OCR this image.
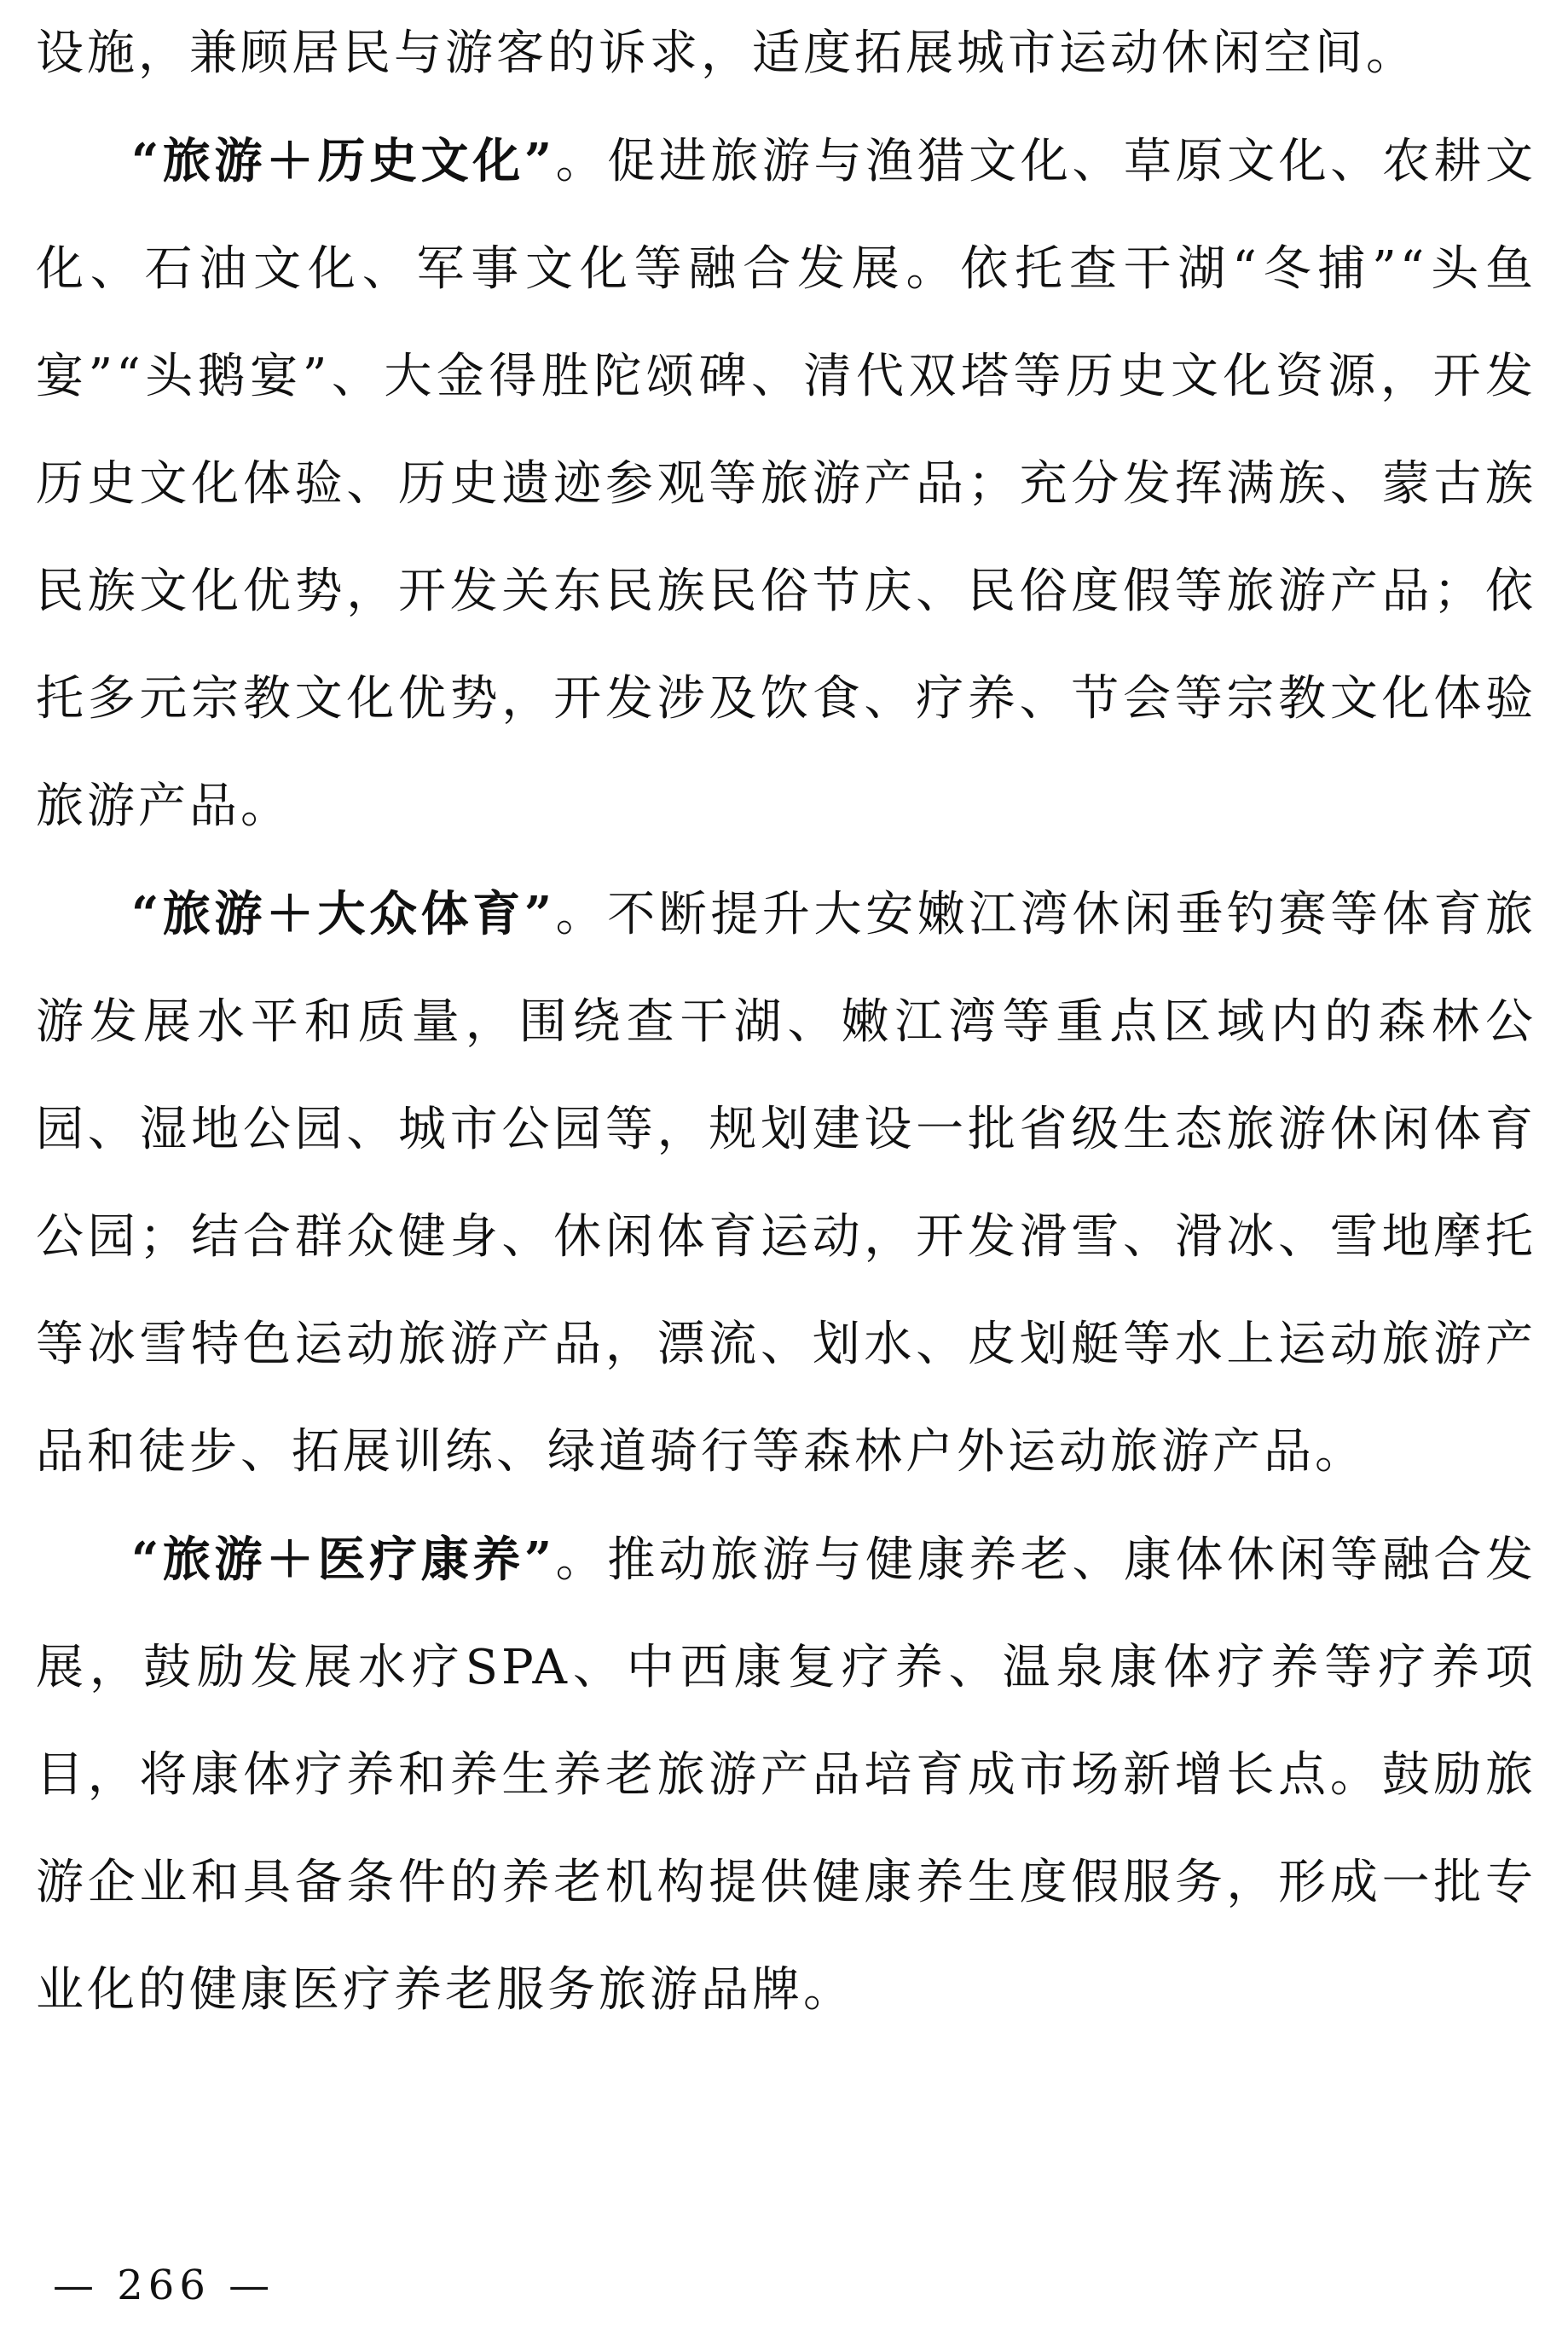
设施，兼顾居民与游客的诉求，适度拓展城市运动休闲空间。

“旅游＋历史文化”。促进旅游与渔猎文化、草原文化、农耕文化、石油文化、军事文化等融合发展。依托查干湖“冬捕”“头鱼宴”“头鹅宴”、大金得胜陀颂碑、清代双塔等历史文化资源，开发历史文化体验、历史遗迹参观等旅游产品；充分发挥满族、蒙古族民族文化优势，开发关东民族民俗节庆、民俗度假等旅游产品；依托多元宗教文化优势，开发涉及饮食、疗养、节会等宗教文化体验旅游产品。

“旅游＋大众体育”。不断提升大安嫩江湾休闲垂钓赛等体育旅游发展水平和质量，围绕查干湖、嫩江湾等重点区域内的森林公园、湿地公园、城市公园等，规划建设一批省级生态旅游休闲体育公园；结合群众健身、休闲体育运动，开发滑雪、滑冰、雪地摩托等冰雪特色运动旅游产品，漂流、划水、皮划艇等水上运动旅游产品和徒步、拓展训练、绿道骑行等森林户外运动旅游产品。

“旅游＋医疗康养”。推动旅游与健康养老、康体休闲等融合发展，鼓励发展水疗SPA、中西康复疗养、温泉康体疗养等疗养项目，将康体疗养和养生养老旅游产品培育成市场新增长点。鼓励旅游企业和具备条件的养老机构提供健康养生度假服务，形成一批专业化的健康医疗养老服务旅游品牌。

— 266 —
